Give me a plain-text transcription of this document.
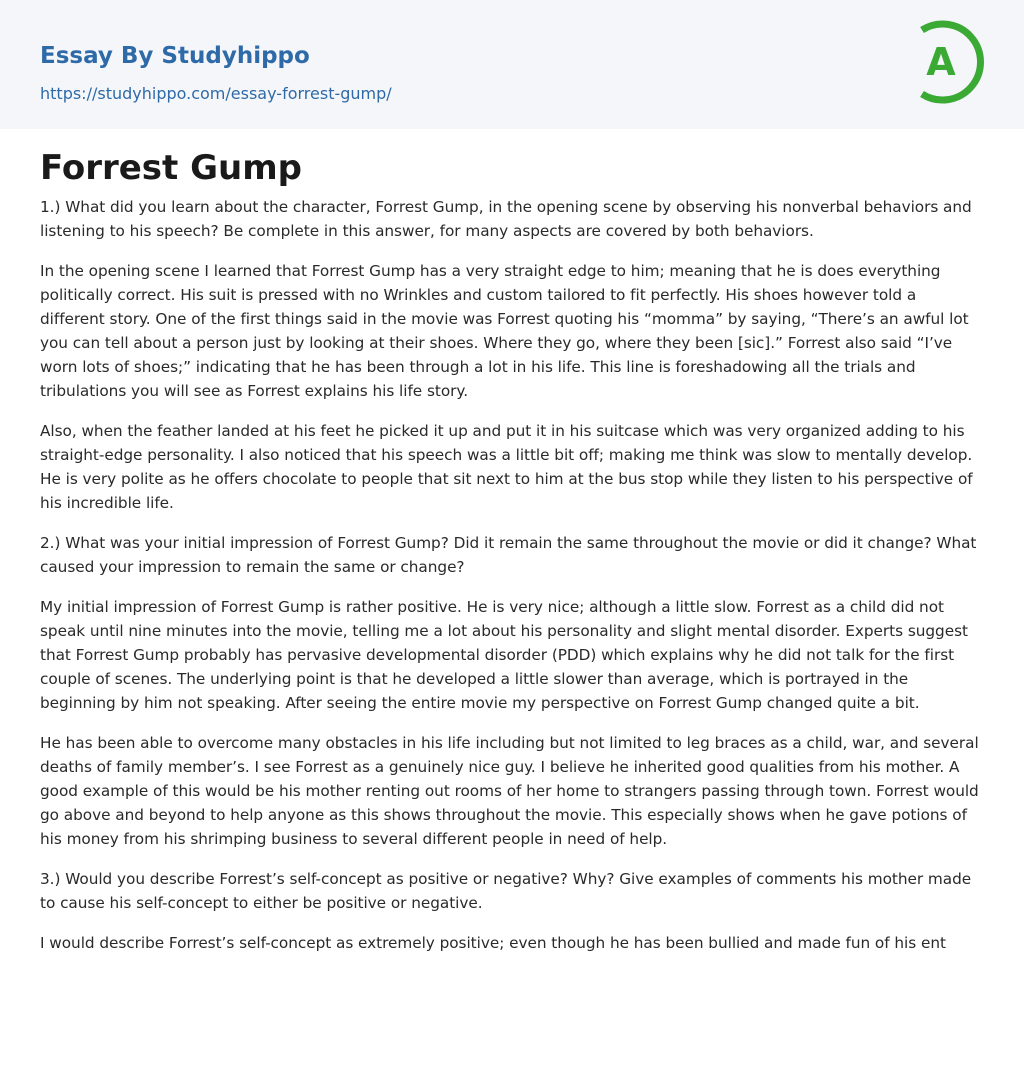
Essay By Studyhippo
https://studyhippo.com/essay-forrest-gump/
A
Forrest Gump

1.) What did you learn about the character, Forrest Gump, in the opening scene by observing his nonverbal behaviors and listening to his speech? Be complete in this answer, for many aspects are covered by both behaviors.

In the opening scene I learned that Forrest Gump has a very straight edge to him; meaning that he is does everything politically correct. His suit is pressed with no Wrinkles and custom tailored to fit perfectly. His shoes however told a different story. One of the first things said in the movie was Forrest quoting his “momma” by saying, “There’s an awful lot you can tell about a person just by looking at their shoes. Where they go, where they been [sic].” Forrest also said “I’ve worn lots of shoes;” indicating that he has been through a lot in his life. This line is foreshadowing all the trials and tribulations you will see as Forrest explains his life story.

Also, when the feather landed at his feet he picked it up and put it in his suitcase which was very organized adding to his straight-edge personality. I also noticed that his speech was a little bit off; making me think was slow to mentally develop. He is very polite as he offers chocolate to people that sit next to him at the bus stop while they listen to his perspective of his incredible life.

2.) What was your initial impression of Forrest Gump? Did it remain the same throughout the movie or did it change? What caused your impression to remain the same or change?

My initial impression of Forrest Gump is rather positive. He is very nice; although a little slow. Forrest as a child did not speak until nine minutes into the movie, telling me a lot about his personality and slight mental disorder. Experts suggest that Forrest Gump probably has pervasive developmental disorder (PDD) which explains why he did not talk for the first couple of scenes. The underlying point is that he developed a little slower than average, which is portrayed in the beginning by him not speaking. After seeing the entire movie my perspective on Forrest Gump changed quite a bit.

He has been able to overcome many obstacles in his life including but not limited to leg braces as a child, war, and several deaths of family member’s. I see Forrest as a genuinely nice guy. I believe he inherited good qualities from his mother. A good example of this would be his mother renting out rooms of her home to strangers passing through town. Forrest would go above and beyond to help anyone as this shows throughout the movie. This especially shows when he gave potions of his money from his shrimping business to several different people in need of help.

3.) Would you describe Forrest’s self-concept as positive or negative? Why? Give examples of comments his mother made to cause his self-concept to either be positive or negative.

I would describe Forrest’s self-concept as extremely positive; even though he has been bullied and made fun of his ent
